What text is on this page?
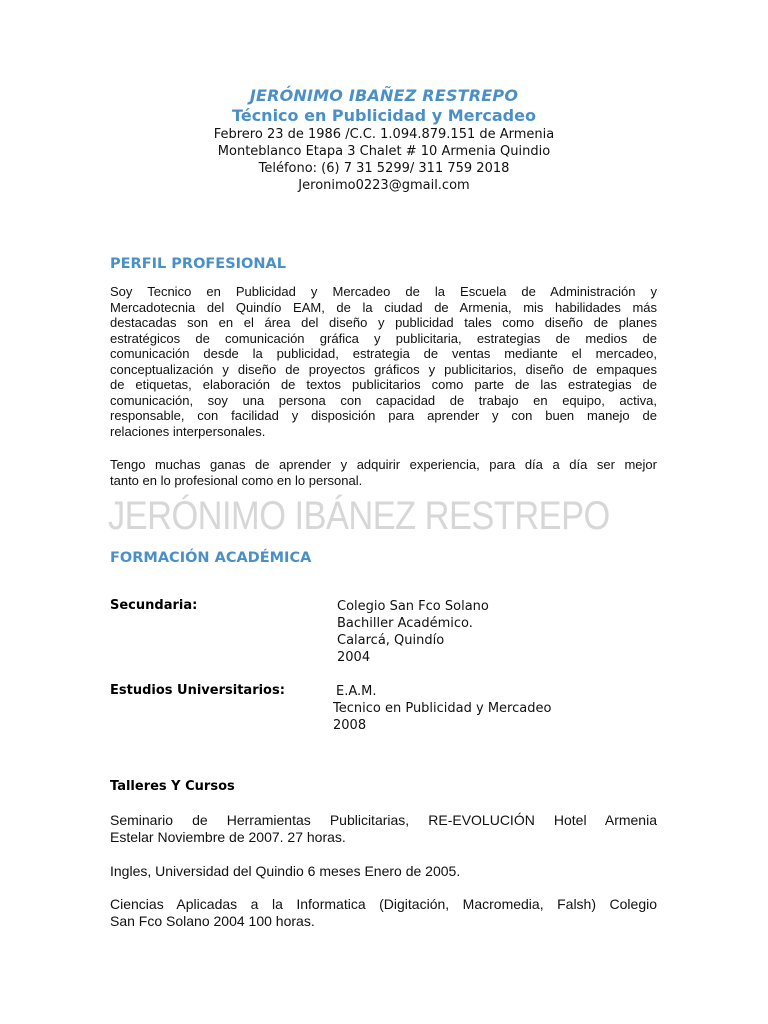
JERÓNIMO IBAÑEZ RESTREPO
Técnico en Publicidad y Mercadeo
Febrero 23 de 1986 /C.C. 1.094.879.151 de Armenia
Monteblanco Etapa 3 Chalet # 10 Armenia Quindio
Teléfono: (6) 7 31 5299/ 311 759 2018
Jeronimo0223@gmail.com
PERFIL PROFESIONAL
Soy Tecnico en Publicidad y Mercadeo de la Escuela de Administración y
Mercadotecnia del Quindío EAM, de la ciudad de Armenia, mis habilidades más
destacadas son en el área del diseño y publicidad tales como diseño de planes
estratégicos de comunicación gráfica y publicitaria, estrategias de medios de
comunicación desde la publicidad, estrategia de ventas mediante el mercadeo,
conceptualización y diseño de proyectos gráficos y publicitarios, diseño de empaques
de etiquetas, elaboración de textos publicitarios como parte de las estrategias de
comunicación, soy una persona con capacidad de trabajo en equipo, activa,
responsable, con facilidad y disposición para aprender y con buen manejo de
relaciones interpersonales.
Tengo muchas ganas de aprender y adquirir experiencia, para día a día ser mejor
tanto en lo profesional como en lo personal.
JERÓNIMO IBÁNEZ RESTREPO
FORMACIÓN ACADÉMICA
Secundaria:	Colegio San Fco Solano
Bachiller Académico.
Calarcá, Quindío
2004
Estudios Universitarios:	E.A.M.
Tecnico en Publicidad y Mercadeo
2008
Talleres Y Cursos
Seminario de Herramientas Publicitarias, RE-EVOLUCIÓN Hotel Armenia
Estelar Noviembre de 2007. 27 horas.
Ingles, Universidad del Quindio 6 meses Enero de 2005.
Ciencias Aplicadas a la Informatica (Digitación, Macromedia, Falsh) Colegio
San Fco Solano 2004 100 horas.
